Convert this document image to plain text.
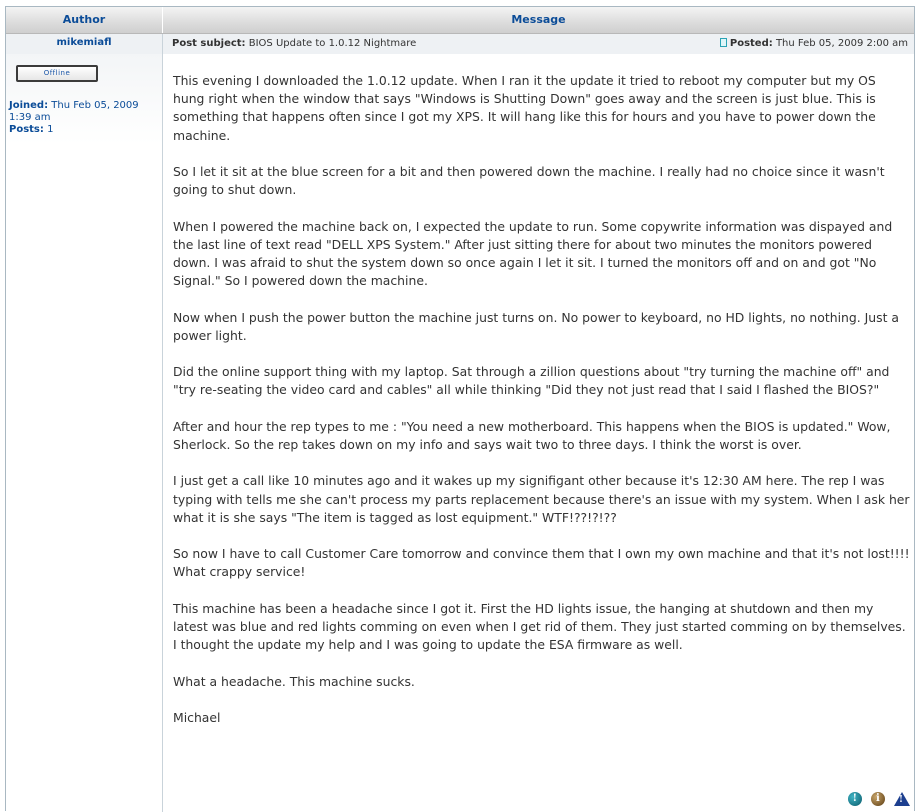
Author	Message
mikemiafl
Offline
Joined: Thu Feb 05, 2009 1:39 am
Posts: 1
Post subject: BIOS Update to 1.0.12 Nightmare	Posted: Thu Feb 05, 2009 2:00 am

This evening I downloaded the 1.0.12 update. When I ran it the update it tried to reboot my computer but my OS hung right when the window that says "Windows is Shutting Down" goes away and the screen is just blue. This is something that happens often since I got my XPS. It will hang like this for hours and you have to power down the machine.

So I let it sit at the blue screen for a bit and then powered down the machine. I really had no choice since it wasn't going to shut down.

When I powered the machine back on, I expected the update to run. Some copywrite information was dispayed and the last line of text read "DELL XPS System." After just sitting there for about two minutes the monitors powered down. I was afraid to shut the system down so once again I let it sit. I turned the monitors off and on and got "No Signal." So I powered down the machine.

Now when I push the power button the machine just turns on. No power to keyboard, no HD lights, no nothing. Just a power light.

Did the online support thing with my laptop. Sat through a zillion questions about "try turning the machine off" and "try re-seating the video card and cables" all while thinking "Did they not just read that I said I flashed the BIOS?"

After and hour the rep types to me : "You need a new motherboard. This happens when the BIOS is updated." Wow, Sherlock. So the rep takes down on my info and says wait two to three days. I think the worst is over.

I just get a call like 10 minutes ago and it wakes up my signifigant other because it's 12:30 AM here. The rep I was typing with tells me she can't process my parts replacement because there's an issue with my system. When I ask her what it is she says "The item is tagged as lost equipment." WTF!??!?!??

So now I have to call Customer Care tomorrow and convince them that I own my own machine and that it's not lost!!!! What crappy service!

This machine has been a headache since I got it. First the HD lights issue, the hanging at shutdown and then my latest was blue and red lights comming on even when I get rid of them. They just started comming on by themselves. I thought the update my help and I was going to update the ESA firmware as well.

What a headache. This machine sucks.

Michael

! i !
